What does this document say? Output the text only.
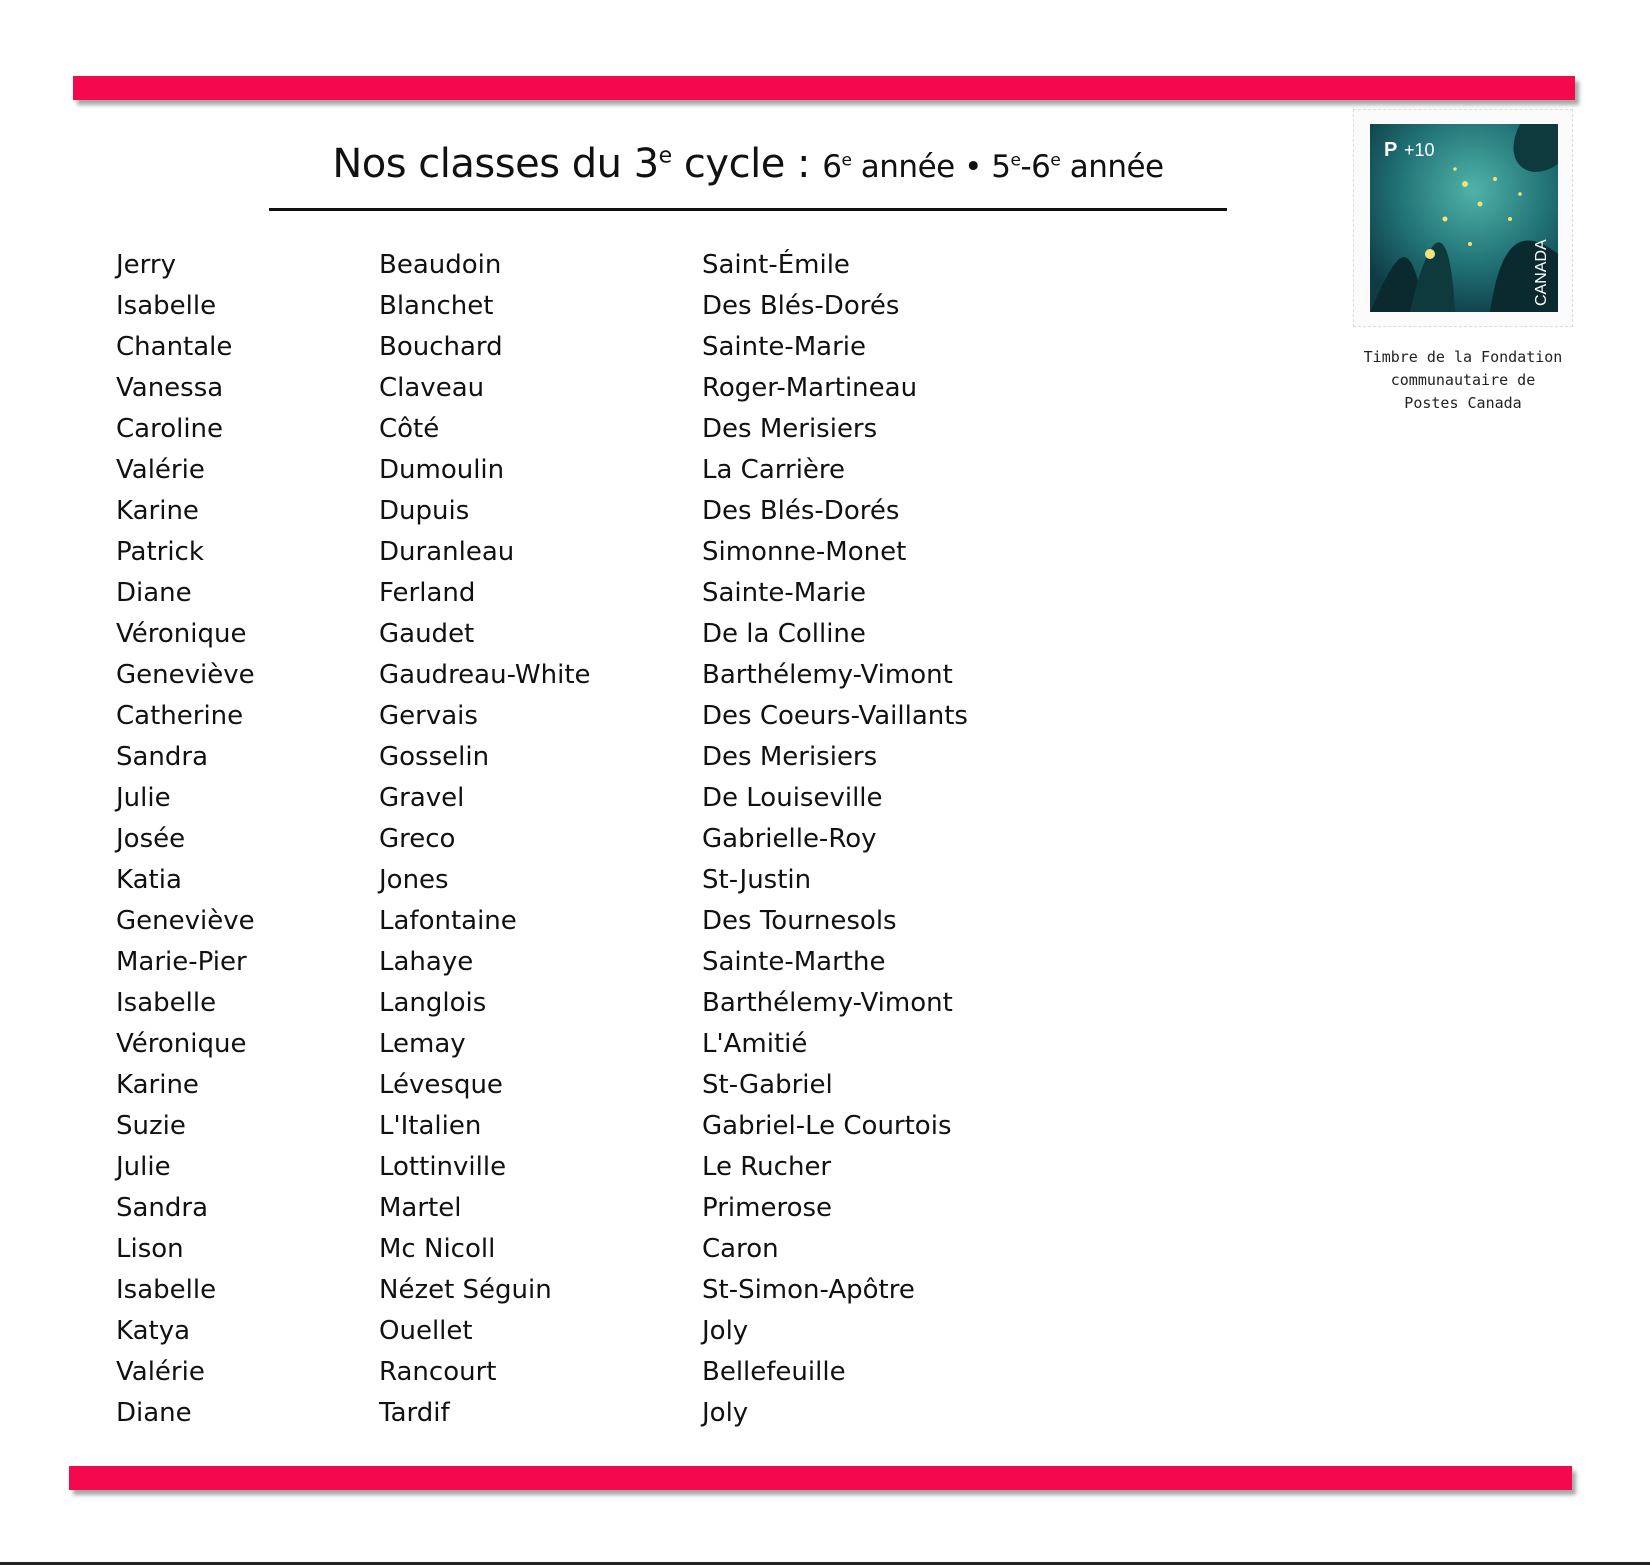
Nos classes du 3e cycle : 6e année • 5e-6e année
Jerry
Isabelle
Chantale
Vanessa
Caroline
Valérie
Karine
Patrick
Diane
Véronique
Geneviève
Catherine
Sandra
Julie
Josée
Katia
Geneviève
Marie-Pier
Isabelle
Véronique
Karine
Suzie
Julie
Sandra
Lison
Isabelle
Katya
Valérie
Diane
Beaudoin
Blanchet
Bouchard
Claveau
Côté
Dumoulin
Dupuis
Duranleau
Ferland
Gaudet
Gaudreau-White
Gervais
Gosselin
Gravel
Greco
Jones
Lafontaine
Lahaye
Langlois
Lemay
Lévesque
L'Italien
Lottinville
Martel
Mc Nicoll
Nézet Séguin
Ouellet
Rancourt
Tardif
Saint-Émile
Des Blés-Dorés
Sainte-Marie
Roger-Martineau
Des Merisiers
La Carrière
Des Blés-Dorés
Simonne-Monet
Sainte-Marie
De la Colline
Barthélemy-Vimont
Des Coeurs-Vaillants
Des Merisiers
De Louiseville
Gabrielle-Roy
St-Justin
Des Tournesols
Sainte-Marthe
Barthélemy-Vimont
L'Amitié
St-Gabriel
Gabriel-Le Courtois
Le Rucher
Primerose
Caron
St-Simon-Apôtre
Joly
Bellefeuille
Joly
P +10
CANADA
Timbre de la Fondation
communautaire de
Postes Canada
